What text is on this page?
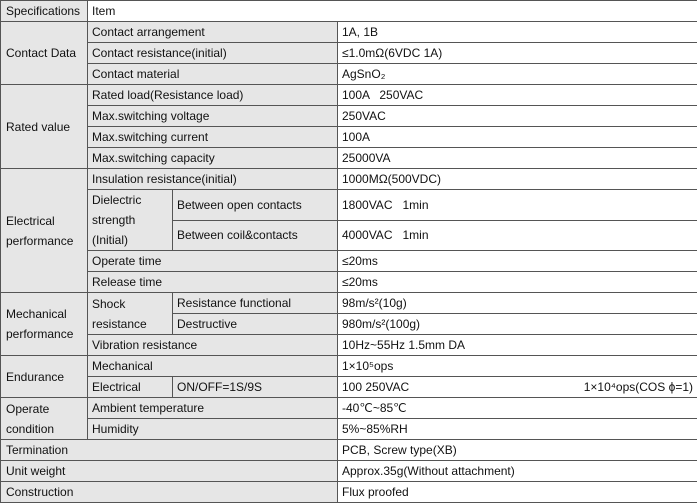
Specifications	Item		
Contact Data	Contact arrangement		1A, 1B
	Contact resistance(initial)		≤1.0mΩ(6VDC 1A)
	Contact material		AgSnO₂
Rated value	Rated load(Resistance load)		100A   250VAC
	Max.switching voltage		250VAC
	Max.switching current		100A
	Max.switching capacity		25000VA
Electrical performance	Insulation resistance(initial)		1000MΩ(500VDC)
	Dielectric strength (Initial)	Between open contacts	1800VAC   1min
		Between coil&contacts	4000VAC   1min
	Operate time		≤20ms
	Release time		≤20ms
Mechanical performance	Shock resistance	Resistance functional	98m/s²(10g)
		Destructive	980m/s²(100g)
	Vibration resistance		10Hz~55Hz 1.5mm DA
Endurance	Mechanical		1×10⁵ops
	Electrical	ON/OFF=1S/9S	100 250VAC 1×10⁴ops(COS ϕ=1)

Operate condition	Ambient temperature		-40℃~85℃
	Humidity		5%~85%RH
Termination			PCB, Screw type(XB)
Unit weight			Approx.35g(Without attachment)
Construction			Flux proofed
